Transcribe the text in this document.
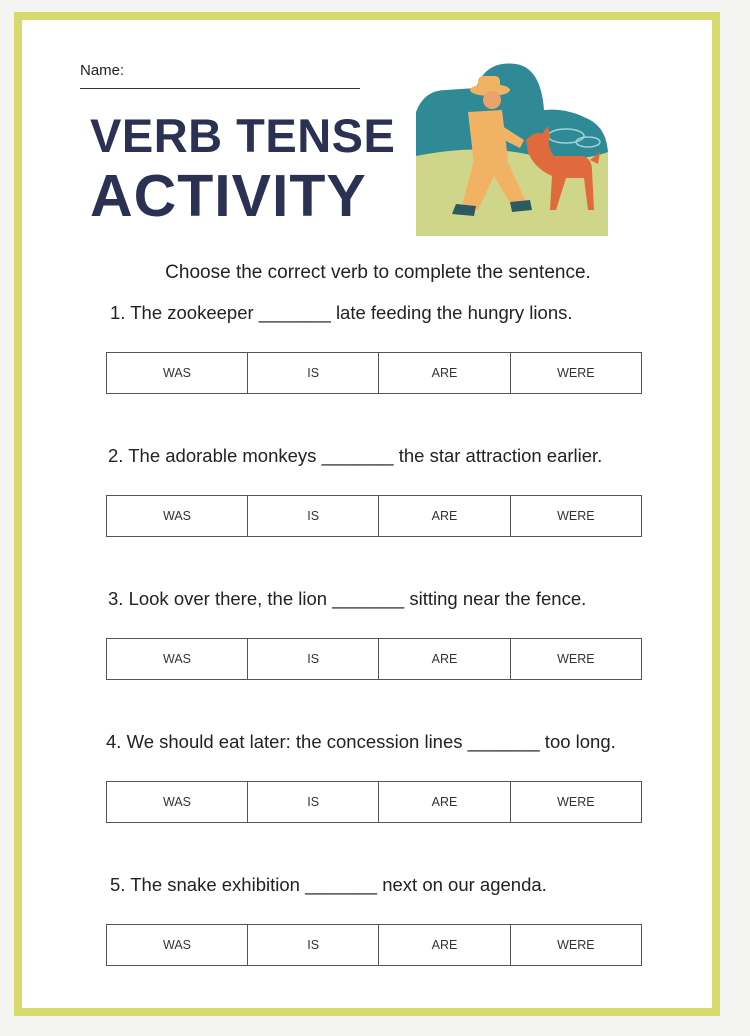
Name:
VERB TENSE
ACTIVITY

Choose the correct verb to complete the sentence.

1. The zookeeper _______ late feeding the hungry lions.

WAS	IS	ARE	WERE

2. The adorable monkeys _______ the star attraction earlier.

WAS	IS	ARE	WERE

3. Look over there, the lion _______ sitting near the fence.

WAS	IS	ARE	WERE

4. We should eat later: the concession lines _______ too long.

WAS	IS	ARE	WERE

5. The snake exhibition _______ next on our agenda.

WAS	IS	ARE	WERE
